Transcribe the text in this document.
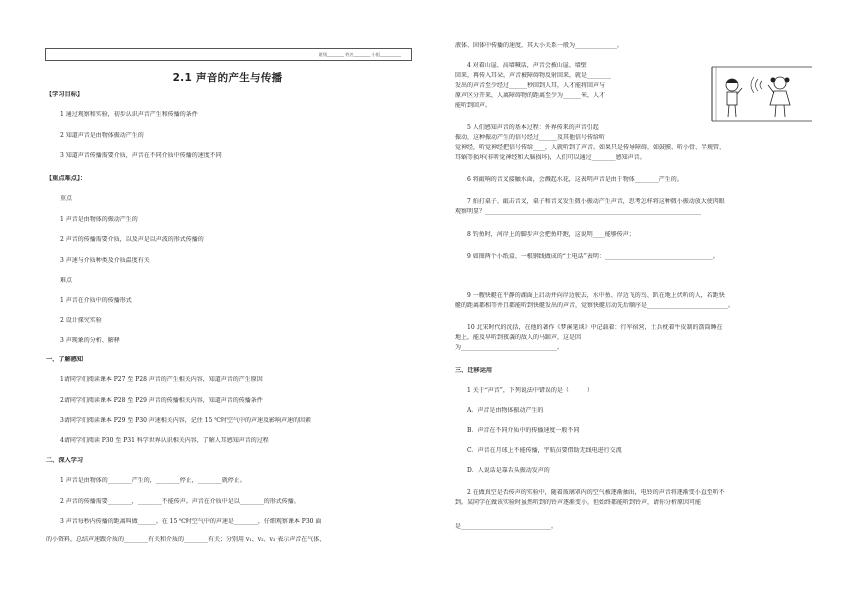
班级________ 姓名________ 小组__________
2.1 声音的产生与传播
【学习目标】
1 通过观察和实验，初步认识声音产生和传播的条件
2 知道声音是由物体振动产生的
3 知道声音传播需要介质，声音在不同介质中传播的速度不同
【重点难点】：
重点
1 声音是由物体的振动产生的
2 声音的传播需要介质，以及声是以声波的形式传播的
3 声速与介质种类及介质温度有关
难点
1 声音在介质中的传播形式
2 设计探究实验
3 声现象的分析、解释
一、了解感知
1请同学们阅读课本 P27 至 P28 声音的产生相关内容，知道声音的产生原因
2请同学们阅读课本 P28 至 P29 声音的传播相关内容，知道声音的传播条件
3请同学们阅读课本 P29 至 P30 声速相关内容，记住 15 ℃时空气中的声速及影响声速的因素
4请同学们阅读 P30 至 P31 科学世界认识相关内容，了解人耳感知声音的过程
二、深入学习
1 声音是由物体的________产生的，________停止，________就停止。
2 声音的传播需要________，________不能传声。声音在介质中是以________的形式传播。
3 声音每秒内传播的距离叫做______。在 15 ℃时空气中的声速是________，仔细观察课本 P30 面
的小资料，总结声速跟介质的________有关和介质的________有关；分别用 v₁、v₂、v₃ 表示声音在气体、
液体、固体中传播的速度，其大小关系一般为______________。
4 对着山崖、高墙喊话，声音会被山崖、墙壁
回来，再传入耳朵。声音被障碍物反射回来，就是________
发出的声音至少经过______秒回到人耳，人才能将回声与
原声区分开来，人离障碍物的距离至少为______米，人才
能听到回声。
5 人们感知声音的基本过程：外界传来的声音引起
振动，这种振动产生的信号经过______及其他信号传给听
觉神经，听觉神经把信号传给____，人就听到了声音。如果只是传导障碍，如鼓膜、听小骨、半规管、
耳蜗等损坏(非听觉神经和大脑损坏)，人们可以通过________感知声音。
6 将敲响的音叉接触水面，会溅起水花，这表明声音是由于物体________产生的。
7 拍打桌子、敲击音叉，桌子和音叉发生微小振动产生声音，思考怎样将这种微小振动放大使肉眼
观察明显？________________________________________________________________________
8 钓鱼时，河岸上的脚步声会把鱼吓跑，这说明____能够传声；
9 如图两个小纸盒、一根钢线做成的“土电话”表明：____________________________________。
9 一艘快艇在平静的湖面上启动并向岸边驶去，水中鱼、岸边飞的鸟、趴在地上伏听的人，若距快
艇的距离都相等并且都能听到快艇发出的声音，觉察快艇启动先后顺序是___________________________。
10 北宋时代的沈括，在他的著作《梦溪笔谈》中记载着：行军宿营，士兵枕着牛皮制的箭筒睡在
地上，能及早听到夜袭的敌人的马蹄声，这是因
为________________________________。
三、迁移运用
1 关于“声音”，下列说法中错误的是（　　　）
A．声音是由物体振动产生的
B．声音在不同介质中的传播速度一般不同
C．声音在月球上不能传播，宇航员要借助无线电进行交流
D．人说话是靠舌头振动发声的
2 在做真空是否传声的实验中，随着玻璃罩内的空气被逐渐抽出，电铃的声音将逐渐变小直至听不
到。某同学在做该实验时虽然听到的铃声逐渐变小，但始终都能听到铃声，请你分析原因可能
是______________________________。
